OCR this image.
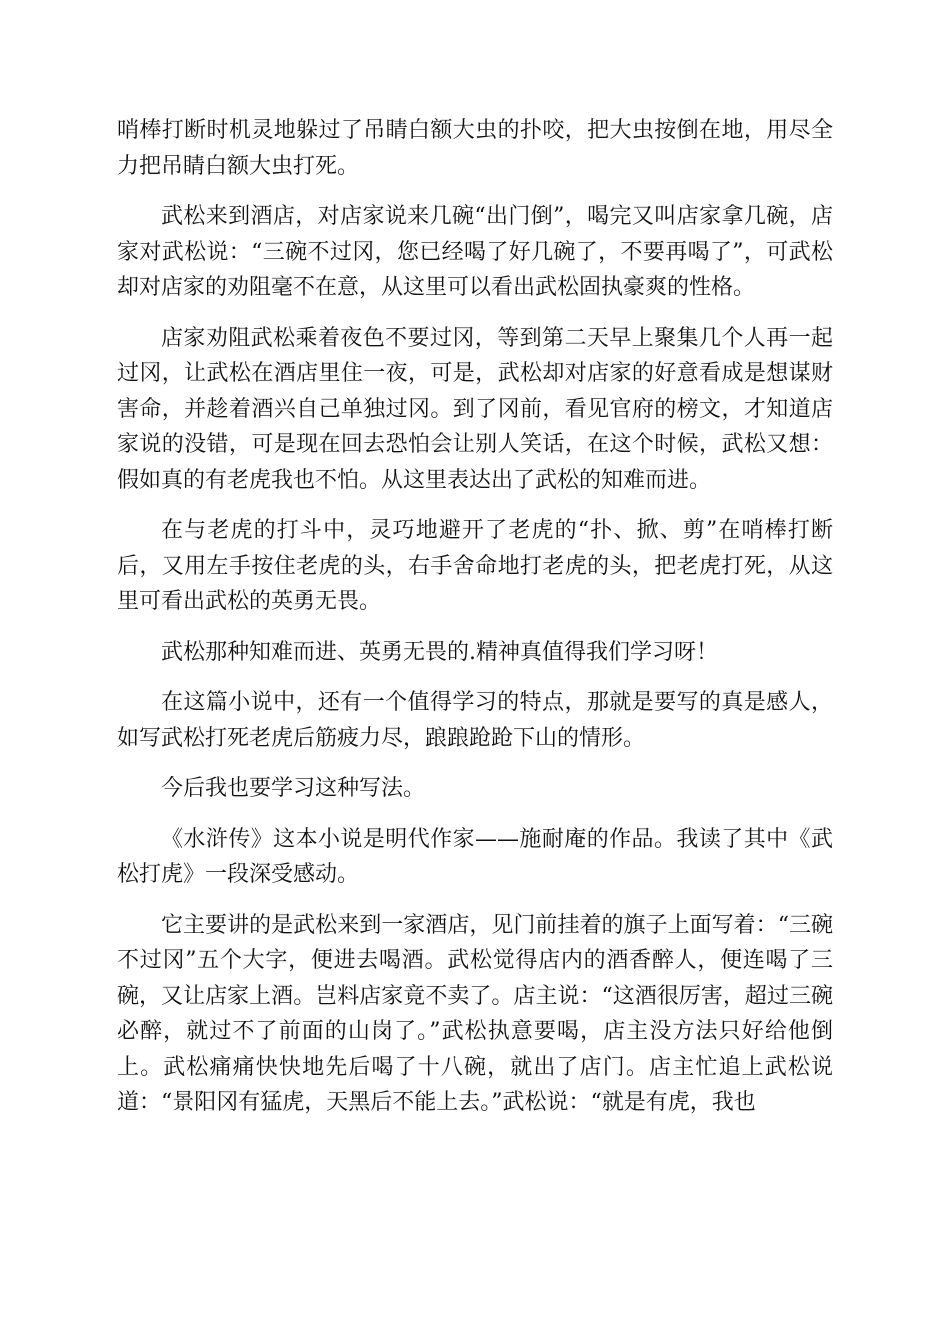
哨棒打断时机灵地躲过了吊睛白额大虫的扑咬，把大虫按倒在地，用尽全力把吊睛白额大虫打死。

武松来到酒店，对店家说来几碗“出门倒”，喝完又叫店家拿几碗，店家对武松说：“三碗不过冈，您已经喝了好几碗了，不要再喝了”，可武松却对店家的劝阻毫不在意，从这里可以看出武松固执豪爽的性格。

店家劝阻武松乘着夜色不要过冈，等到第二天早上聚集几个人再一起过冈，让武松在酒店里住一夜，可是，武松却对店家的好意看成是想谋财害命，并趁着酒兴自己单独过冈。到了冈前，看见官府的榜文，才知道店家说的没错，可是现在回去恐怕会让别人笑话，在这个时候，武松又想：假如真的有老虎我也不怕。从这里表达出了武松的知难而进。

在与老虎的打斗中，灵巧地避开了老虎的“扑、掀、剪”在哨棒打断后，又用左手按住老虎的头，右手舍命地打老虎的头，把老虎打死，从这里可看出武松的英勇无畏。

武松那种知难而进、英勇无畏的.精神真值得我们学习呀！

在这篇小说中，还有一个值得学习的特点，那就是要写的真是感人，如写武松打死老虎后筋疲力尽，踉踉跄跄下山的情形。

今后我也要学习这种写法。

《水浒传》这本小说是明代作家——施耐庵的作品。我读了其中《武松打虎》一段深受感动。

它主要讲的是武松来到一家酒店，见门前挂着的旗子上面写着：“三碗不过冈”五个大字，便进去喝酒。武松觉得店内的酒香醉人，便连喝了三碗，又让店家上酒。岂料店家竟不卖了。店主说：“这酒很厉害，超过三碗必醉，就过不了前面的山岗了。”武松执意要喝，店主没方法只好给他倒上。武松痛痛快快地先后喝了十八碗，就出了店门。店主忙追上武松说道：“景阳冈有猛虎，天黑后不能上去。”武松说：“就是有虎，我也
